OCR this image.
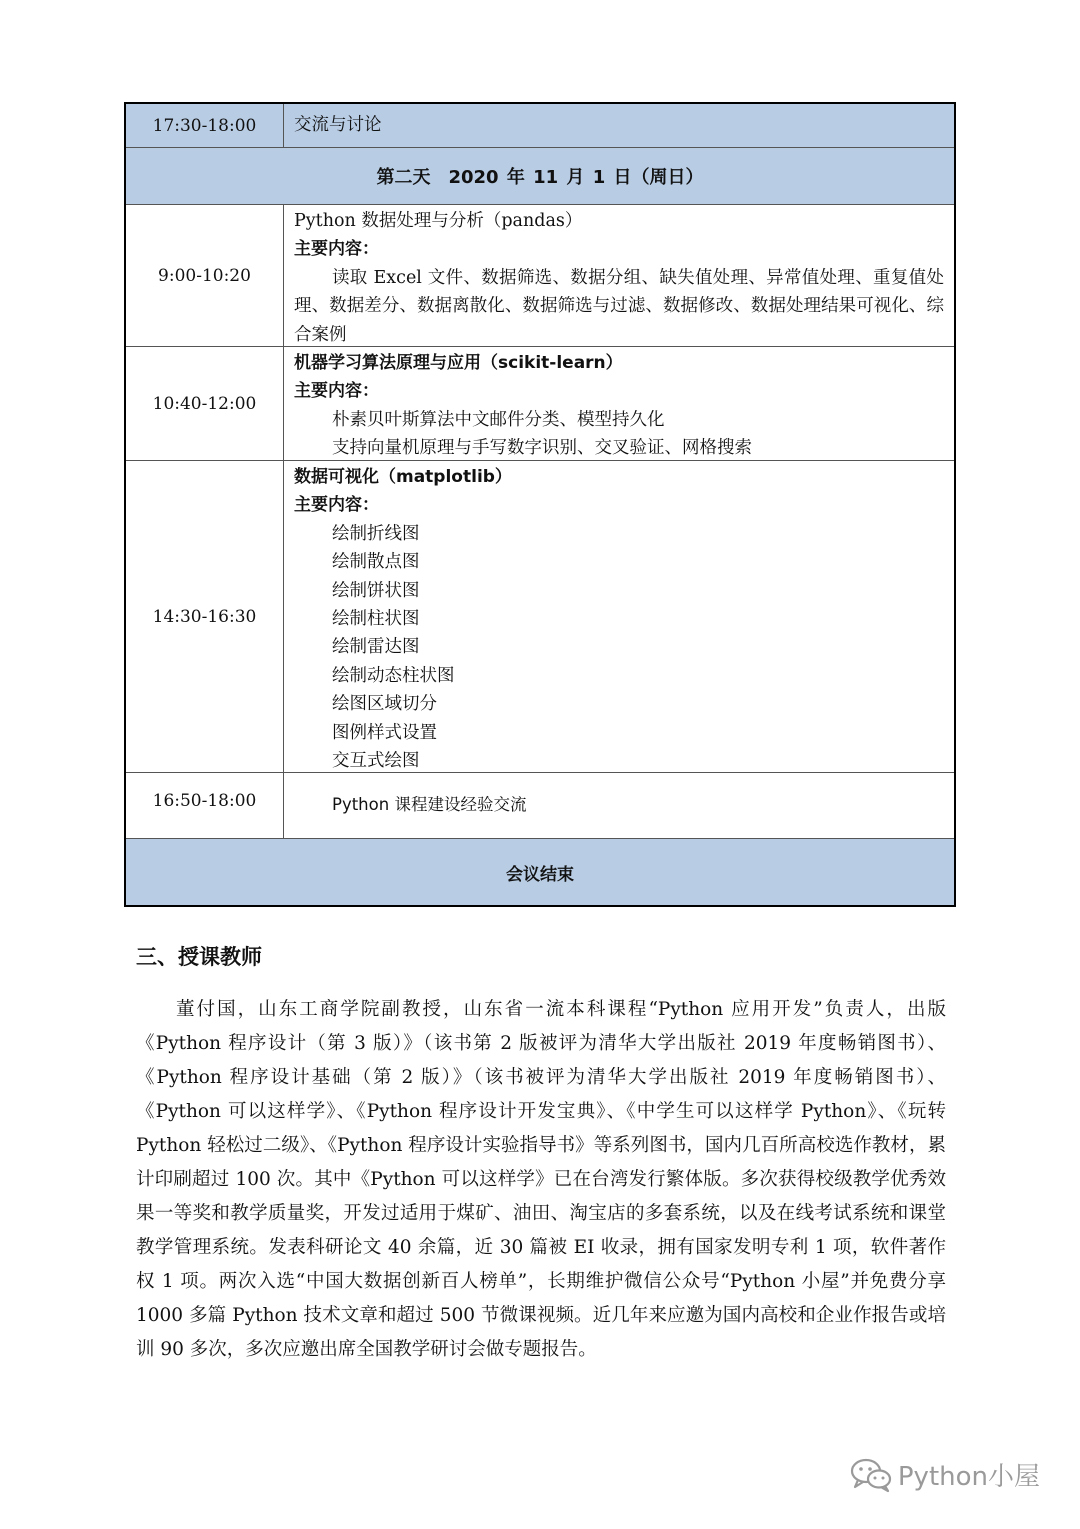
17:30-18:00	交流与讨论
第二天　2020 年 11 月 1 日（周日）
9:00-10:20
Python 数据处理与分析（pandas）
主要内容：
读取 Excel 文件、数据筛选、数据分组、缺失值处理、异常值处理、重复值处理、数据差分、数据离散化、数据筛选与过滤、数据修改、数据处理结果可视化、综合案例
10:40-12:00
机器学习算法原理与应用（scikit-learn）
主要内容：
朴素贝叶斯算法中文邮件分类、模型持久化
支持向量机原理与手写数字识别、交叉验证、网格搜索
14:30-16:30
数据可视化（matplotlib）
主要内容：
绘制折线图
绘制散点图
绘制饼状图
绘制柱状图
绘制雷达图
绘制动态柱状图
绘图区域切分
图例样式设置
交互式绘图
16:50-18:00	Python 课程建设经验交流
会议结束
三、授课教师

董付国，山东工商学院副教授，山东省一流本科课程“Python 应用开发”负责人，出版《Python 程序设计（第 3 版）》（该书第 2 版被评为清华大学出版社 2019 年度畅销图书）、《Python 程序设计基础（第 2 版）》（该书被评为清华大学出版社 2019 年度畅销图书）、《Python 可以这样学》、《Python 程序设计开发宝典》、《中学生可以这样学 Python》、《玩转 Python 轻松过二级》、《Python 程序设计实验指导书》等系列图书，国内几百所高校选作教材，累计印刷超过 100 次。其中《Python 可以这样学》已在台湾发行繁体版。多次获得校级教学优秀效果一等奖和教学质量奖，开发过适用于煤矿、油田、淘宝店的多套系统，以及在线考试系统和课堂教学管理系统。发表科研论文 40 余篇，近 30 篇被 EI 收录，拥有国家发明专利 1 项，软件著作权 1 项。两次入选“中国大数据创新百人榜单”，长期维护微信公众号“Python 小屋”并免费分享 1000 多篇 Python 技术文章和超过 500 节微课视频。近几年来应邀为国内高校和企业作报告或培训 90 多次，多次应邀出席全国教学研讨会做专题报告。

Python小屋
